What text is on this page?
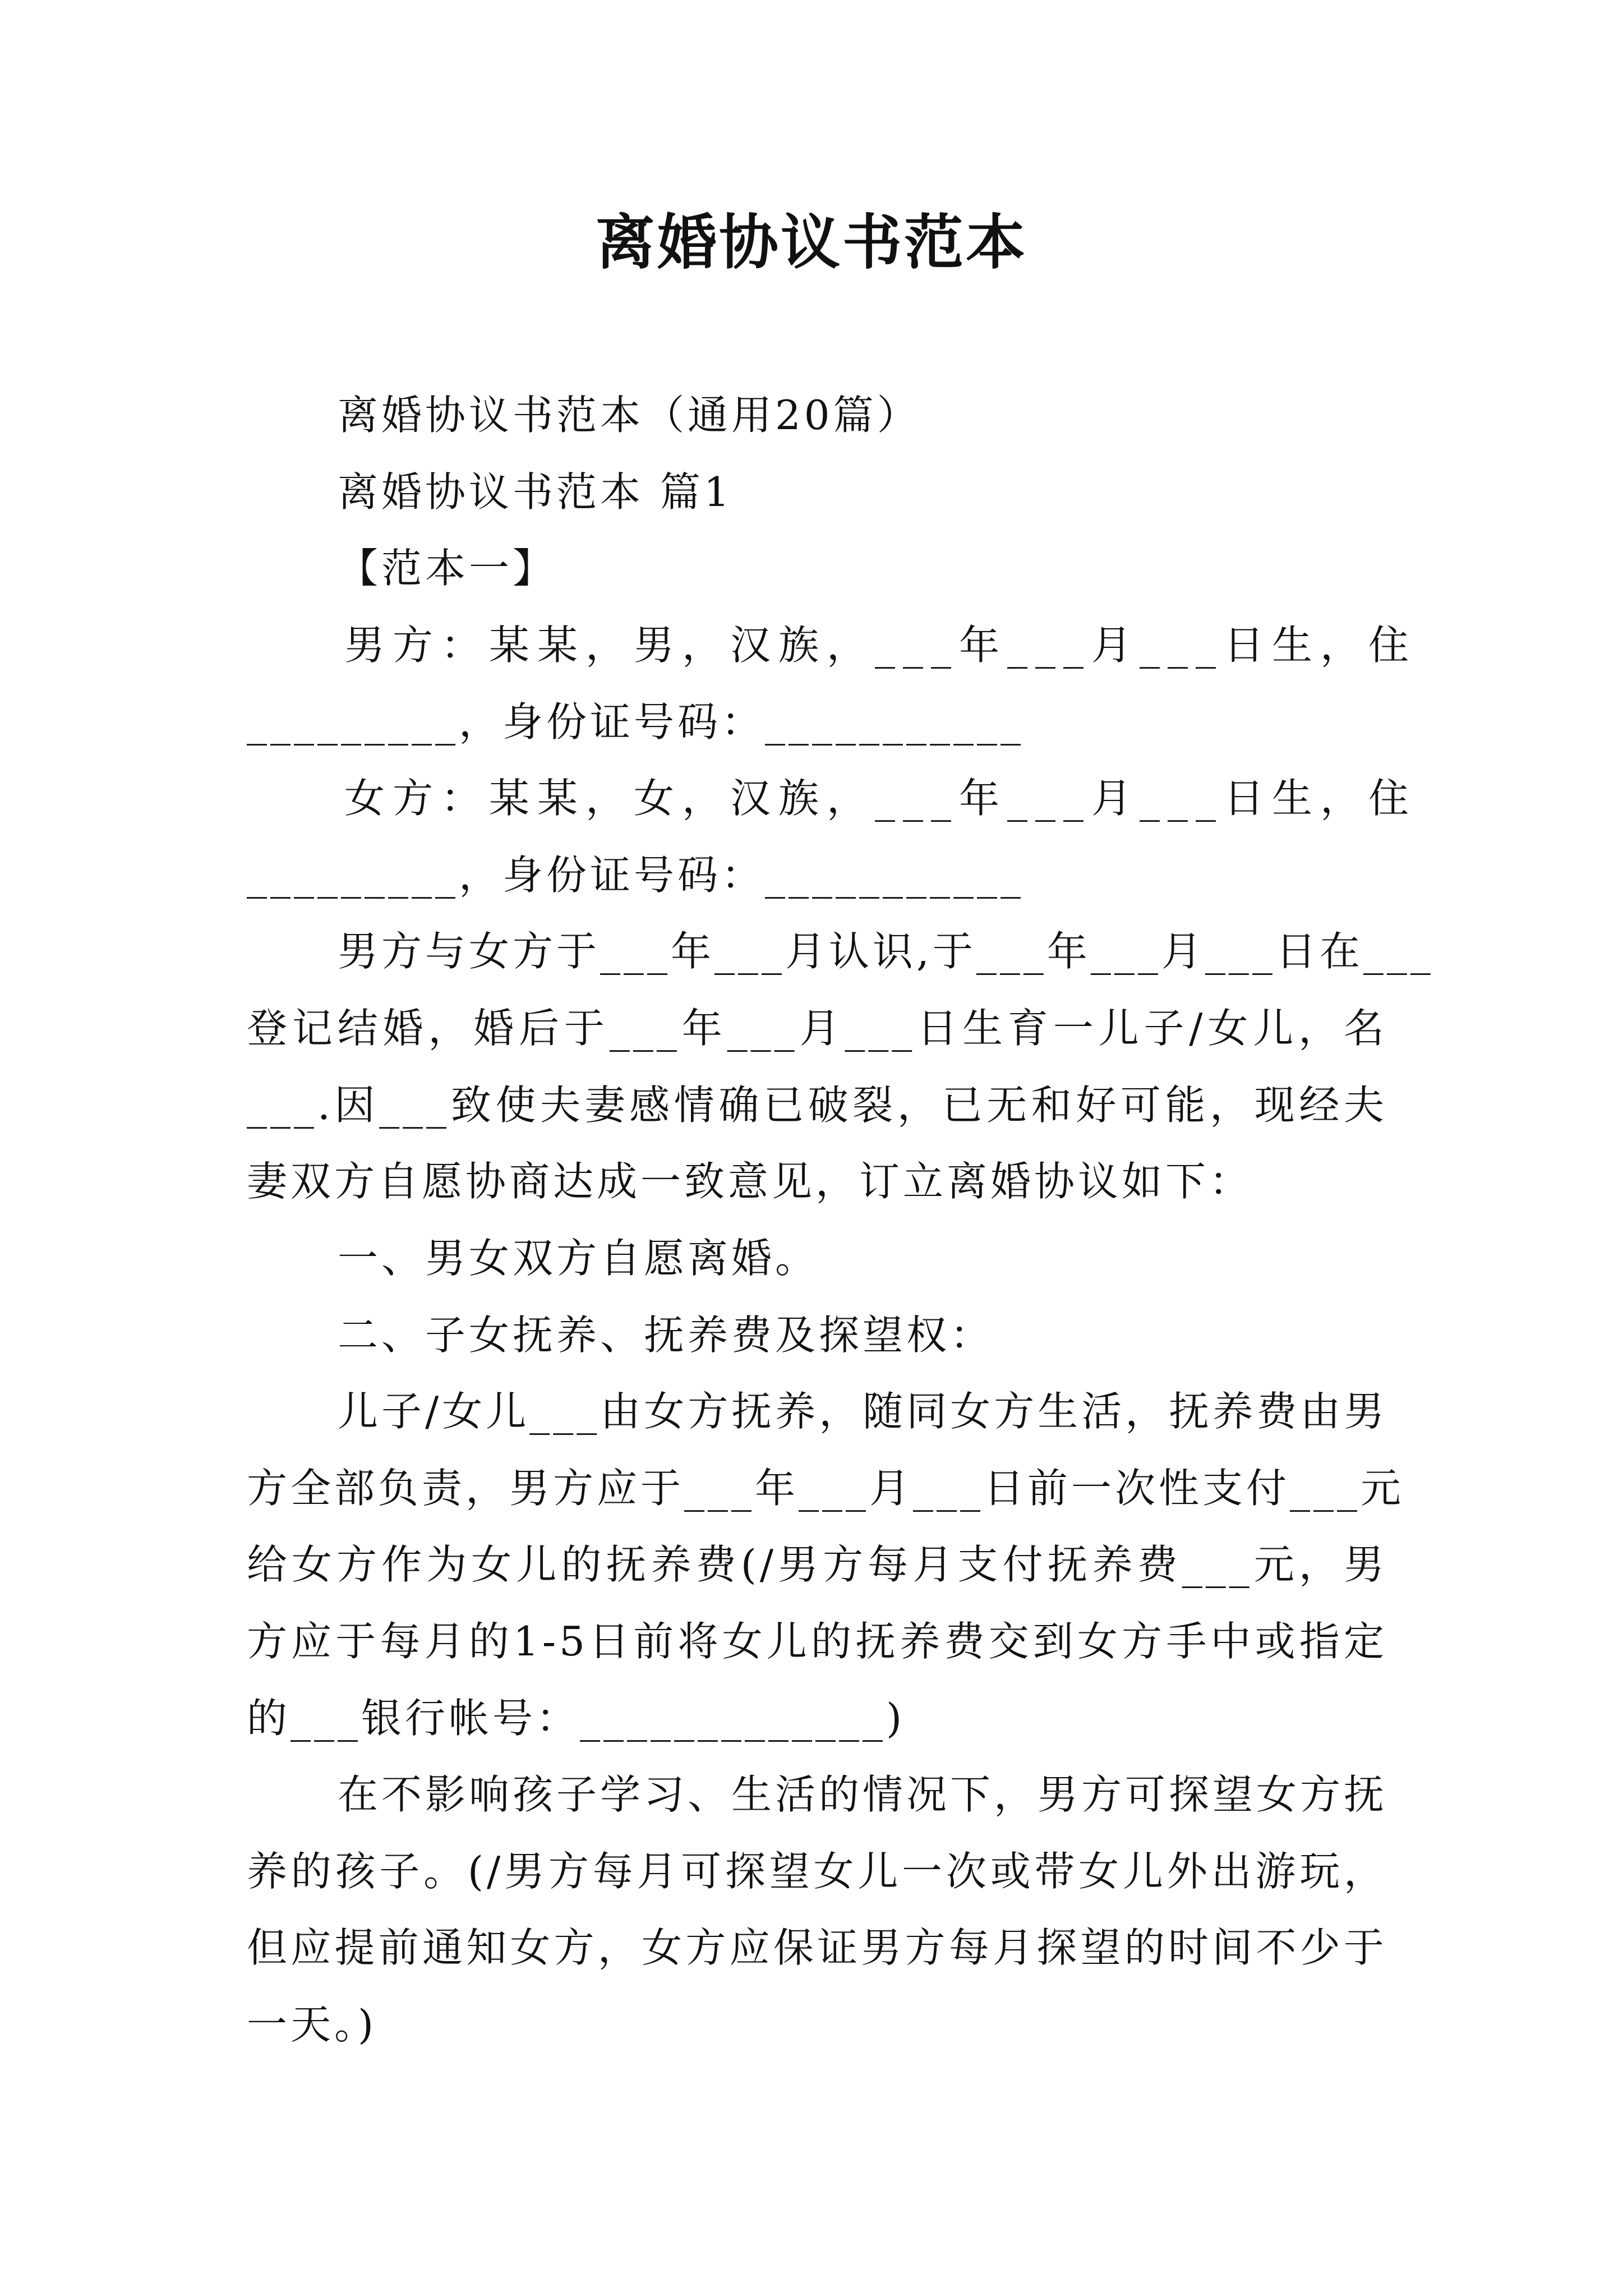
离婚协议书范本
离婚协议书范本（通用20篇）
离婚协议书范本 篇1
【范本一】
男方：某某，男，汉族，___年___月___日生，住
_________，身份证号码：___________
女方：某某，女，汉族，___年___月___日生，住
_________，身份证号码：___________
男方与女方于___年___月认识,于___年___月___日在___
登记结婚，婚后于___年___月___日生育一儿子/女儿，名
___.因___致使夫妻感情确已破裂，已无和好可能，现经夫
妻双方自愿协商达成一致意见，订立离婚协议如下：
一、男女双方自愿离婚。
二、子女抚养、抚养费及探望权：
儿子/女儿___由女方抚养，随同女方生活，抚养费由男
方全部负责，男方应于___年___月___日前一次性支付___元
给女方作为女儿的抚养费(/男方每月支付抚养费___元，男
方应于每月的1-5日前将女儿的抚养费交到女方手中或指定
的___银行帐号：_____________)
在不影响孩子学习、生活的情况下，男方可探望女方抚
养的孩子。(/男方每月可探望女儿一次或带女儿外出游玩，
但应提前通知女方，女方应保证男方每月探望的时间不少于
一天。)
